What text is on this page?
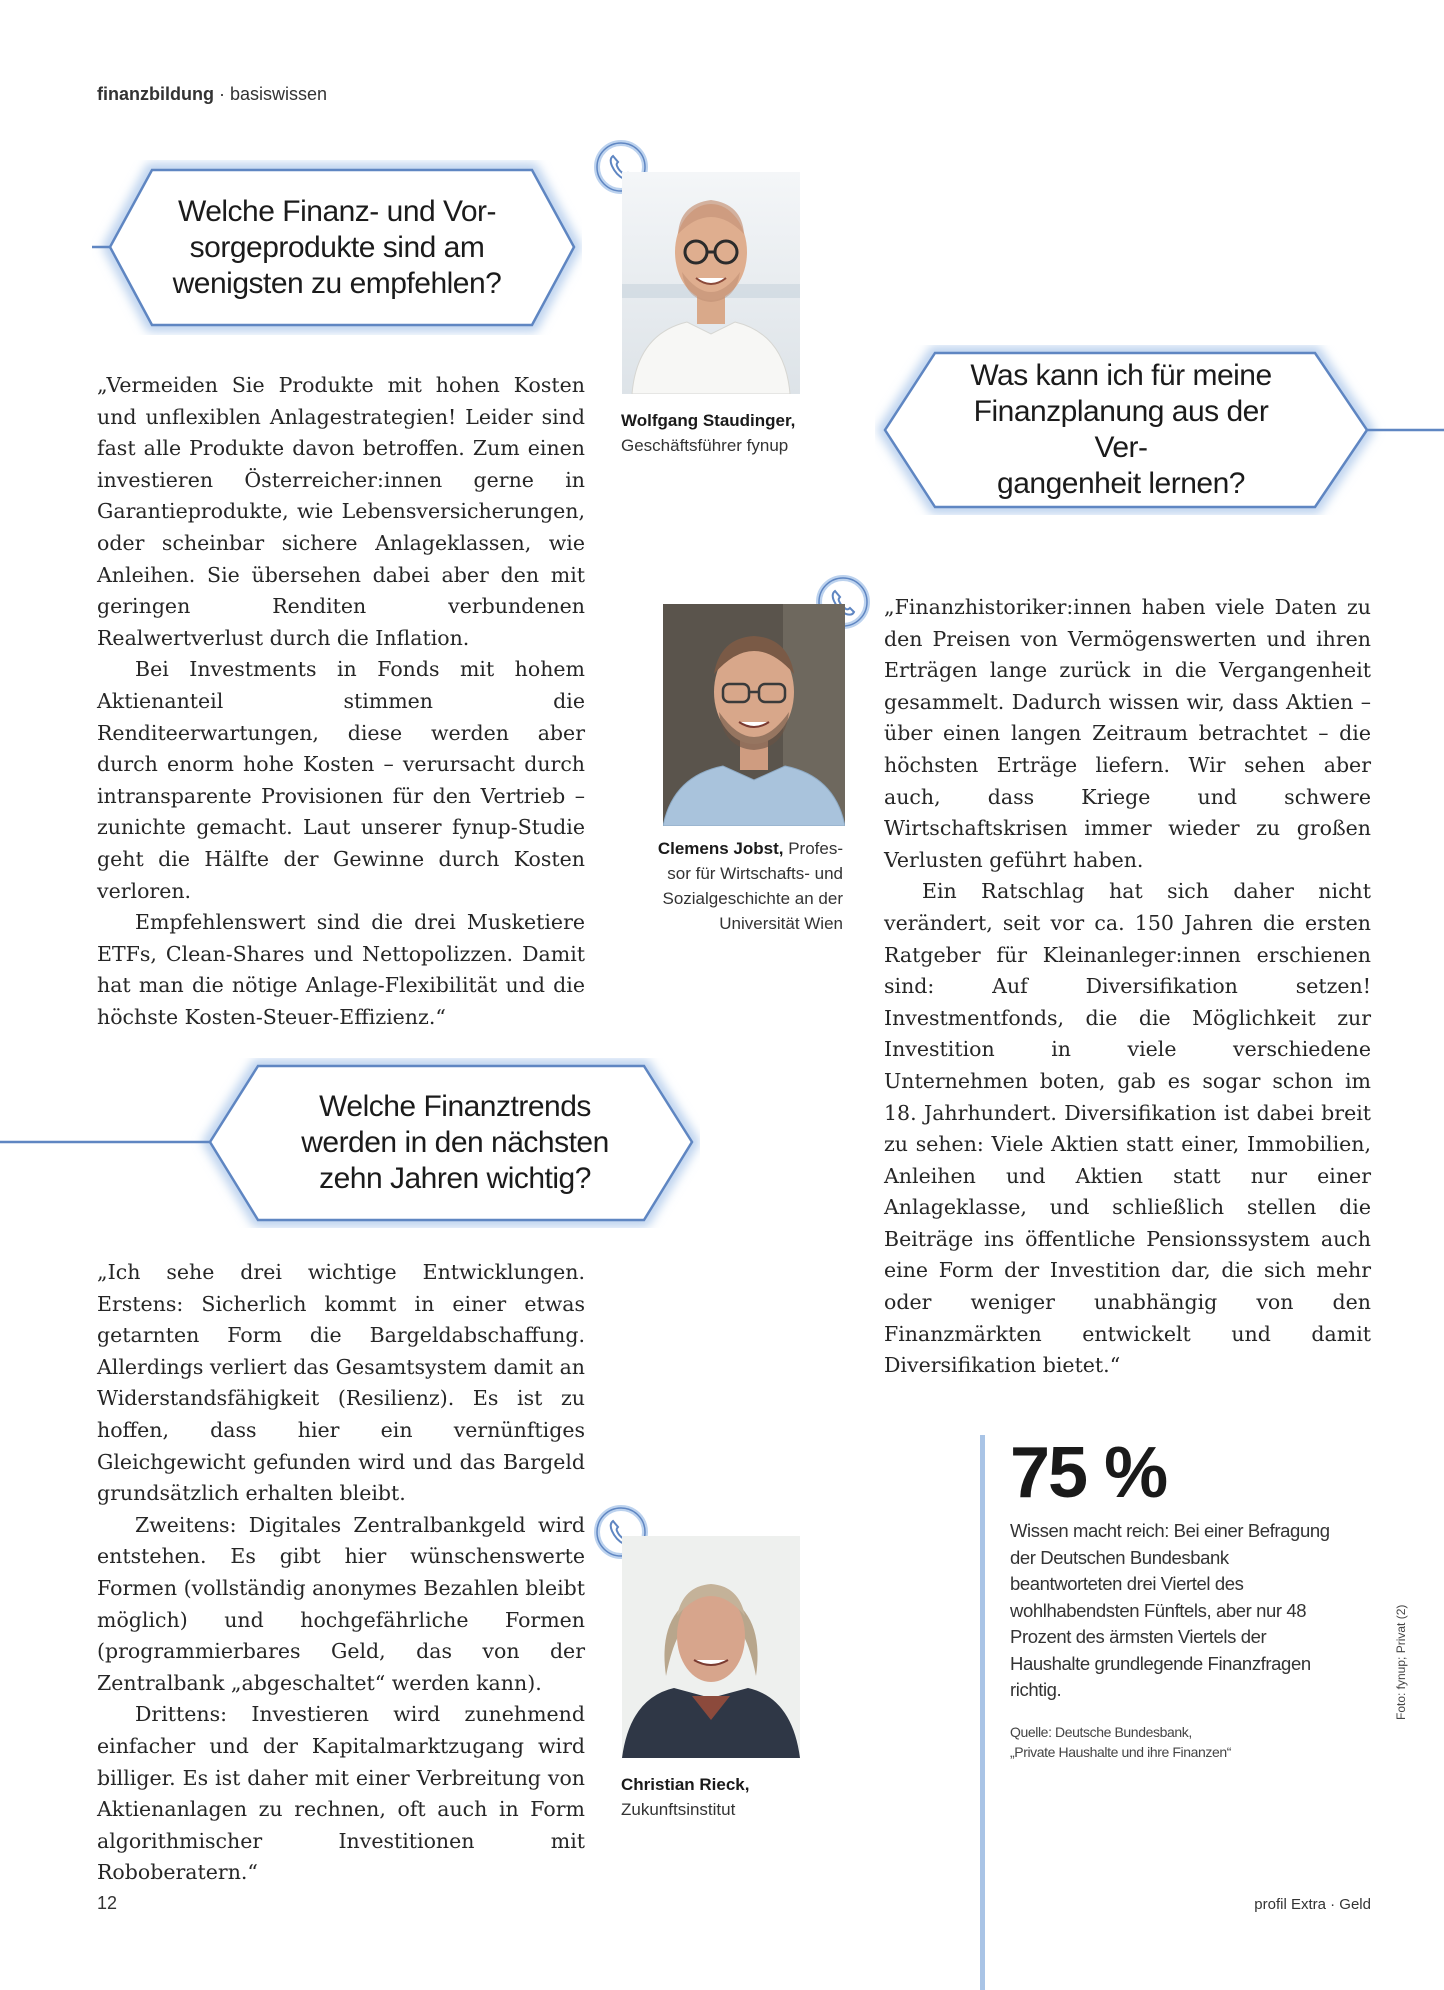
finanzbildung · basiswissen
Welche Finanz- und Vor-
sorgeprodukte sind am
wenigsten zu empfehlen?
Was kann ich für meine
Finanzplanung aus der Ver-
gangenheit lernen?
Welche Finanztrends
werden in den nächsten
zehn Jahren wichtig?

„Vermeiden Sie Produkte mit hohen Kosten und unflexiblen Anlagestrategien! Leider sind fast alle Produkte davon betroffen. Zum einen investieren Österreicher:innen gerne in Garantieprodukte, wie Lebensversicherungen, oder scheinbar sichere Anlageklassen, wie Anleihen. Sie übersehen dabei aber den mit geringen Renditen verbundenen Realwertverlust durch die Inflation.

Bei Investments in Fonds mit hohem Aktienanteil stimmen die Renditeerwartungen, diese werden aber durch enorm hohe Kosten – verursacht durch intransparente Provisionen für den Vertrieb – zunichte gemacht. Laut unserer fynup-Studie geht die Hälfte der Gewinne durch Kosten verloren.

Empfehlenswert sind die drei Musketiere ETFs, Clean-Shares und Nettopolizzen. Damit hat man die nötige Anlage-Flexibilität und die höchste Kosten-Steuer-Effizienz.“

„Finanzhistoriker:innen haben viele Daten zu den Preisen von Vermögenswerten und ihren Erträgen lange zurück in die Vergangenheit gesammelt. Dadurch wissen wir, dass Aktien – über einen langen Zeitraum betrachtet – die höchsten Erträge liefern. Wir sehen aber auch, dass Kriege und schwere Wirtschaftskrisen immer wieder zu großen Verlusten geführt haben.

Ein Ratschlag hat sich daher nicht verändert, seit vor ca. 150 Jahren die ersten Ratgeber für Kleinanleger:innen erschienen sind: Auf Diversifikation setzen! Investmentfonds, die die Möglichkeit zur Investition in viele verschiedene Unternehmen boten, gab es sogar schon im 18. Jahrhundert. Diversifikation ist dabei breit zu sehen: Viele Aktien statt einer, Immobilien, Anleihen und Aktien statt nur einer Anlageklasse, und schließlich stellen die Beiträge ins öffentliche Pensionssystem auch eine Form der Investition dar, die sich mehr oder weniger unabhängig von den Finanzmärkten entwickelt und damit Diversifikation bietet.“

„Ich sehe drei wichtige Entwicklungen. Erstens: Sicherlich kommt in einer etwas getarnten Form die Bargeldabschaffung. Allerdings verliert das Gesamtsystem damit an Widerstandsfähigkeit (Resilienz). Es ist zu hoffen, dass hier ein vernünftiges Gleichgewicht gefunden wird und das Bargeld grundsätzlich erhalten bleibt.

Zweitens: Digitales Zentralbankgeld wird entstehen. Es gibt hier wünschenswerte Formen (vollständig anonymes Bezahlen bleibt möglich) und hochgefährliche Formen (programmierbares Geld, das von der Zentralbank „abgeschaltet“ werden kann).

Drittens: Investieren wird zunehmend einfacher und der Kapitalmarktzugang wird billiger. Es ist daher mit einer Verbreitung von Aktienanlagen zu rechnen, oft auch in Form algorithmischer Investitionen mit Roboberatern.“

Wolfgang Staudinger,
Geschäftsführer fynup
Clemens Jobst, Profes-
sor für Wirtschafts- und
Sozialgeschichte an der
Universität Wien
Christian Rieck,
Zukunftsinstitut
75 %
Wissen macht reich: Bei einer Befragung der Deutschen Bundesbank beantworteten drei Viertel des wohlhabendsten Fünftels, aber nur 48 Prozent des ärmsten Viertels der Haushalte grundlegende Finanzfragen richtig.
Quelle: Deutsche Bundesbank,
„Private Haushalte und ihre Finanzen“
Foto: fynup; Privat (2)
12	profil Extra · Geld
